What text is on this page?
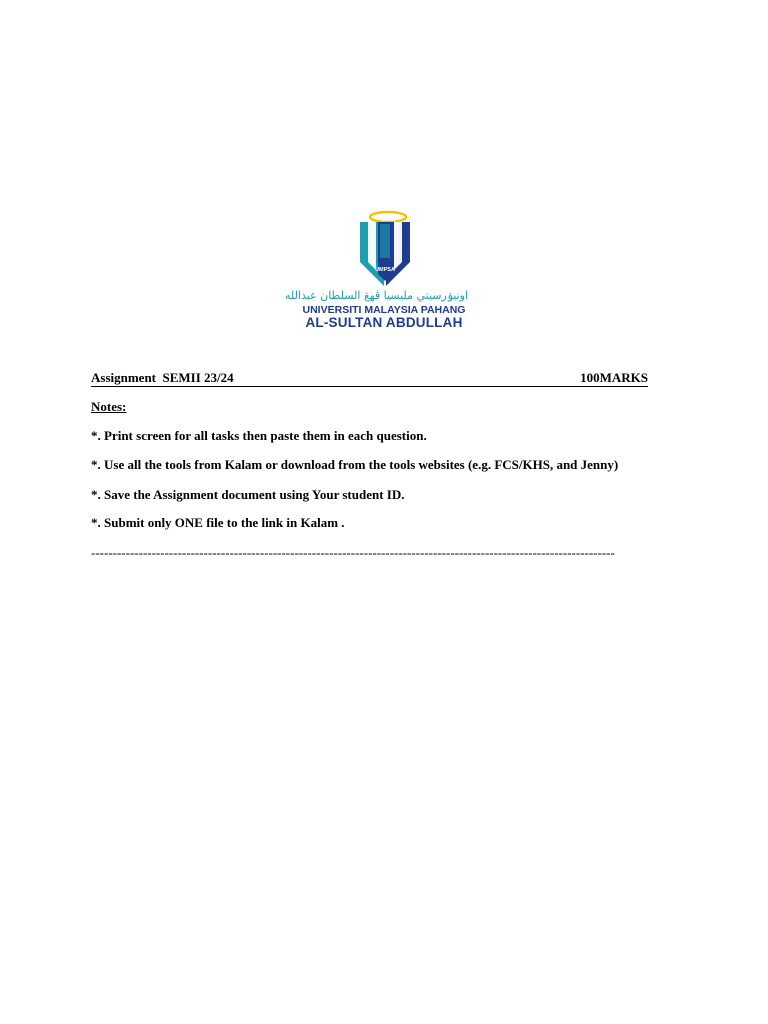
UMPSA
اونيۏرسيتي مليسيا ڤهڠ السلطان عبدالله
UNIVERSITI MALAYSIA PAHANG
AL-SULTAN ABDULLAH
Assignment  SEMII 23/24	100MARKS
Notes:
*. Print screen for all tasks then paste them in each question.
*. Use all the tools from Kalam or download from the tools websites (e.g. FCS/KHS, and Jenny)
*. Save the Assignment document using Your student ID.
*. Submit only ONE file to the link in Kalam .
-------------------------------------------------------------------------------------------------------------------------
